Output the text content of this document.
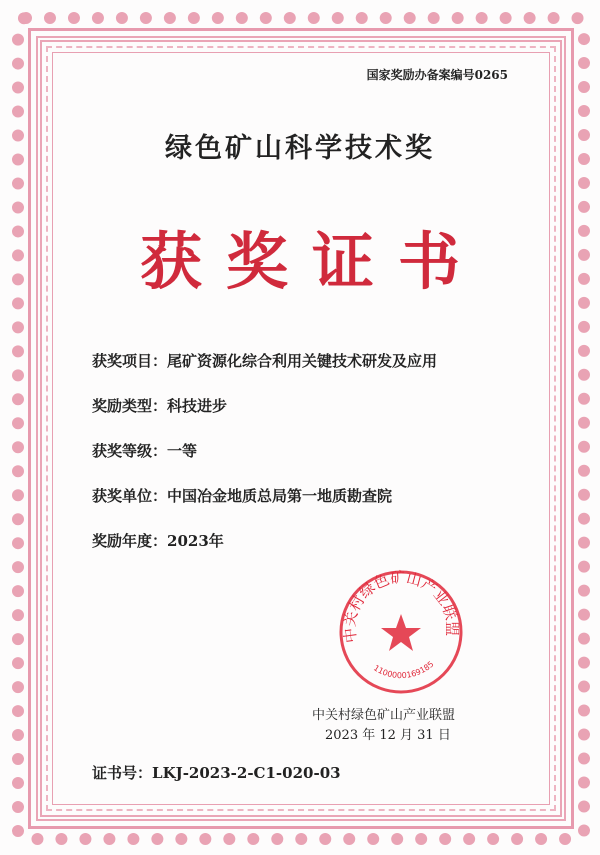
国家奖励办备案编号0265
绿色矿山科学技术奖
获奖证书
获奖项目：尾矿资源化综合利用关键技术研发及应用
奖励类型：科技进步
获奖等级：一等
获奖单位：中国冶金地质总局第一地质勘查院
奖励年度：2023年
中关村绿色矿山产业联盟
1100000169185
中关村绿色矿山产业联盟
2023 年 12 月 31 日
证书号：LKJ-2023-2-C1-020-03
